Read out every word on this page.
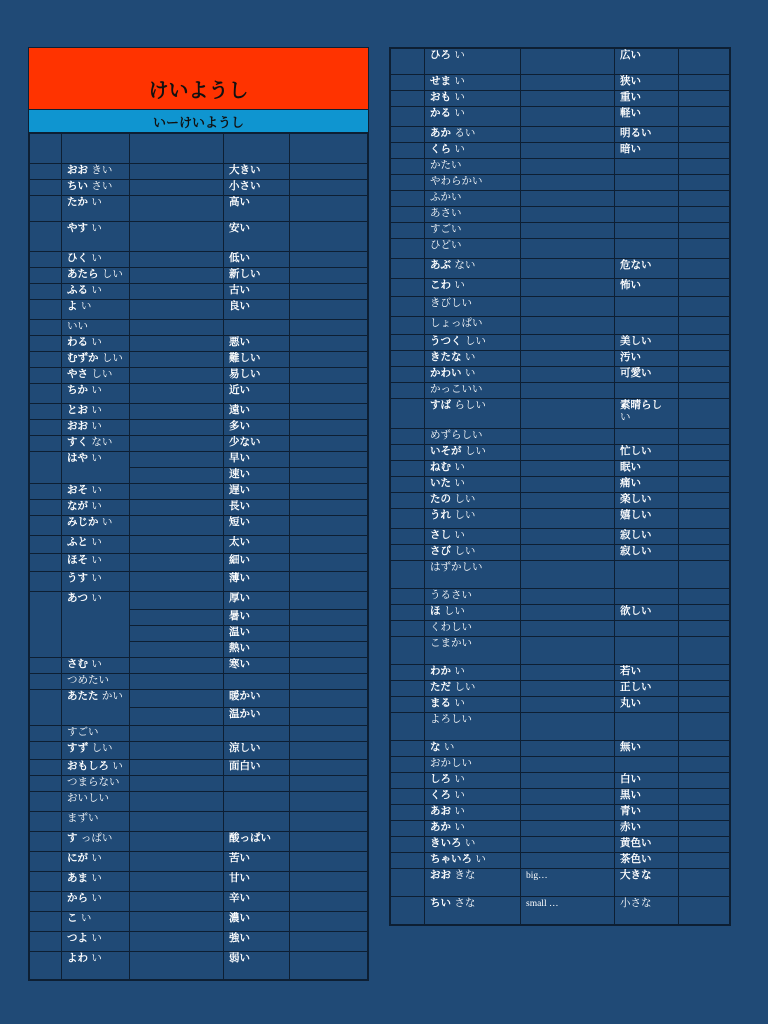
けいようし
いーけいようし

	おお きい		大きい	
	ちい さい		小さい	
	たか い		高い	
	やす い		安い	
	ひく い		低い	
	あたら しい		新しい	
	ふる い		古い	
	よ い		良い	
	いい			
	わる い		悪い	
	むずか しい		難しい	
	やさ しい		易しい	
	ちか い		近い	
	とお い		遠い	
	おお い		多い	
	すく ない		少ない	
	はや い		早い	
			速い	
	おそ い		遅い	
	なが い		長い	
	みじか い		短い	
	ふと い		太い	
	ほそ い		細い	
	うす い		薄い	
	あつ い		厚い	
			暑い	
			温い	
			熱い	
	さむ い		寒い	
	つめたい			
	あたた かい		暖かい	
			温かい	
	すごい			
	すず しい		涼しい	
	おもしろ い		面白い	
	つまらない			
	おいしい			
	まずい			
	す っぱい		酸っぱい	
	にが い		苦い	
	あま い		甘い	
	から い		辛い	
	こ い		濃い	
	つよ い		強い	
	よわ い		弱い	
	ひろ い		広い	
	せま い		狭い	
	おも い		重い	
	かる い		軽い	
	あか るい		明るい	
	くら い		暗い	
	かたい			
	やわらかい			
	ふかい			
	あさい			
	すごい			
	ひどい			
	あぶ ない		危ない	
	こわ い		怖い	
	きびしい			
	しょっぱい			
	うつく しい		美しい	
	きたな い		汚い	
	かわい い		可愛い	
	かっこいい			
	すば らしい		素晴らし
い	
	めずらしい			
	いそが しい		忙しい	
	ねむ い		眠い	
	いた い		痛い	
	たの しい		楽しい	
	うれ しい		嬉しい	
	さし い		寂しい	
	さび しい		寂しい	
	はずかしい			
	うるさい			
	ほ しい		欲しい	
	くわしい			
	こまかい			
	わか い		若い	
	ただ しい		正しい	
	まる い		丸い	
	よろしい			
	な い		無い	
	おかしい			
	しろ い		白い	
	くろ い		黒い	
	あお い		青い	
	あか い		赤い	
	きいろ い		黄色い	
	ちゃいろ い		茶色い	
	おお きな	big…	大きな	
	ちい さな	small …	小さな	
